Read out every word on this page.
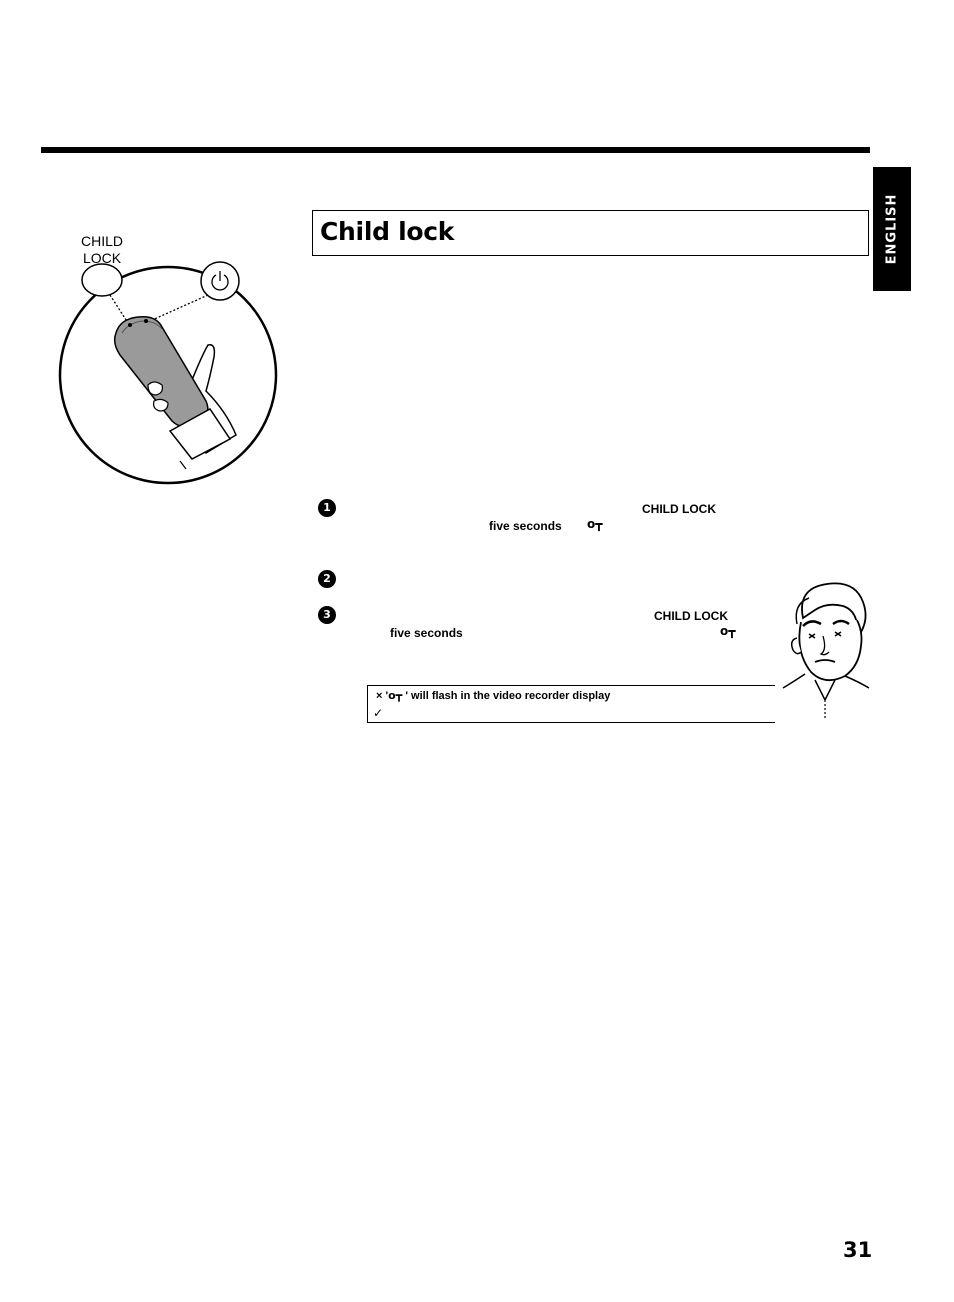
ENGLISH
CHILD
LOCK
Child lock
1	CHILD LOCK
five seconds o┳
2
3	CHILD LOCK
five seconds	o┳
× 'o┳ ' will flash in the video recorder display
✓
31
